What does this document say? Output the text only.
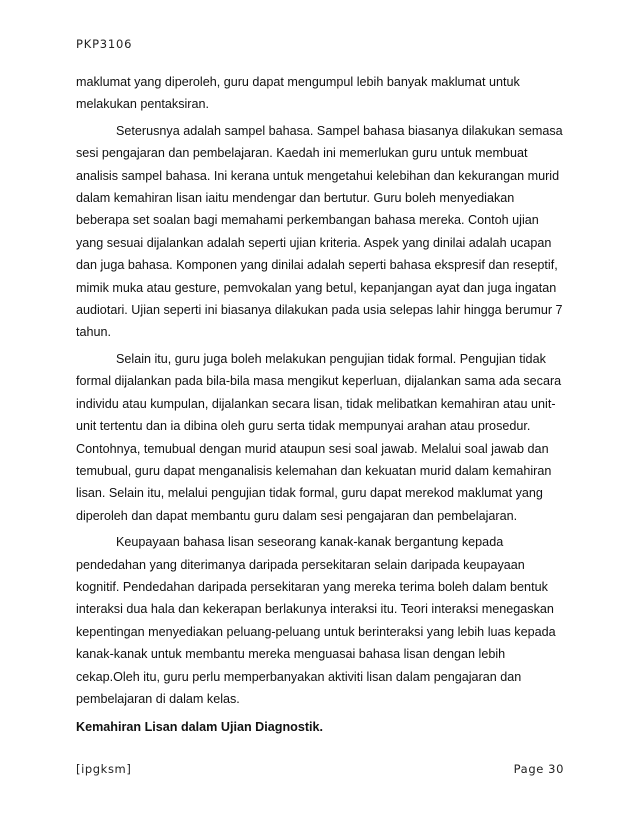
PKP3106
maklumat yang diperoleh, guru dapat mengumpul lebih banyak maklumat untuk
melakukan pentaksiran.
Seterusnya adalah sampel bahasa. Sampel bahasa biasanya dilakukan semasa
sesi pengajaran dan pembelajaran. Kaedah ini memerlukan guru untuk membuat
analisis sampel bahasa. Ini kerana untuk mengetahui kelebihan dan kekurangan murid
dalam kemahiran lisan iaitu mendengar dan bertutur. Guru boleh menyediakan
beberapa set soalan bagi memahami perkembangan bahasa mereka. Contoh ujian
yang sesuai dijalankan adalah seperti ujian kriteria. Aspek yang dinilai adalah ucapan
dan juga bahasa. Komponen yang dinilai adalah seperti bahasa ekspresif dan reseptif,
mimik muka atau gesture, pemvokalan yang betul, kepanjangan ayat dan juga ingatan
audiotari. Ujian seperti ini biasanya dilakukan pada usia selepas lahir hingga berumur 7
tahun.
Selain itu, guru juga boleh melakukan pengujian tidak formal. Pengujian tidak
formal dijalankan pada bila-bila masa mengikut keperluan, dijalankan sama ada secara
individu atau kumpulan, dijalankan secara lisan, tidak melibatkan kemahiran atau unit-
unit tertentu dan ia dibina oleh guru serta tidak mempunyai arahan atau prosedur.
Contohnya, temubual dengan murid ataupun sesi soal jawab. Melalui soal jawab dan
temubual, guru dapat menganalisis kelemahan dan kekuatan murid dalam kemahiran
lisan. Selain itu, melalui pengujian tidak formal, guru dapat merekod maklumat yang
diperoleh dan dapat membantu guru dalam sesi pengajaran dan pembelajaran.
Keupayaan bahasa lisan seseorang kanak-kanak bergantung kepada
pendedahan yang diterimanya daripada persekitaran selain daripada keupayaan
kognitif. Pendedahan daripada persekitaran yang mereka terima boleh dalam bentuk
interaksi dua hala dan kekerapan berlakunya interaksi itu. Teori interaksi menegaskan
kepentingan menyediakan peluang-peluang untuk berinteraksi yang lebih luas kepada
kanak-kanak untuk membantu mereka menguasai bahasa lisan dengan lebih
cekap.Oleh itu, guru perlu memperbanyakan aktiviti lisan dalam pengajaran dan
pembelajaran di dalam kelas.
Kemahiran Lisan dalam Ujian Diagnostik.
[ipgksm]	Page 30
